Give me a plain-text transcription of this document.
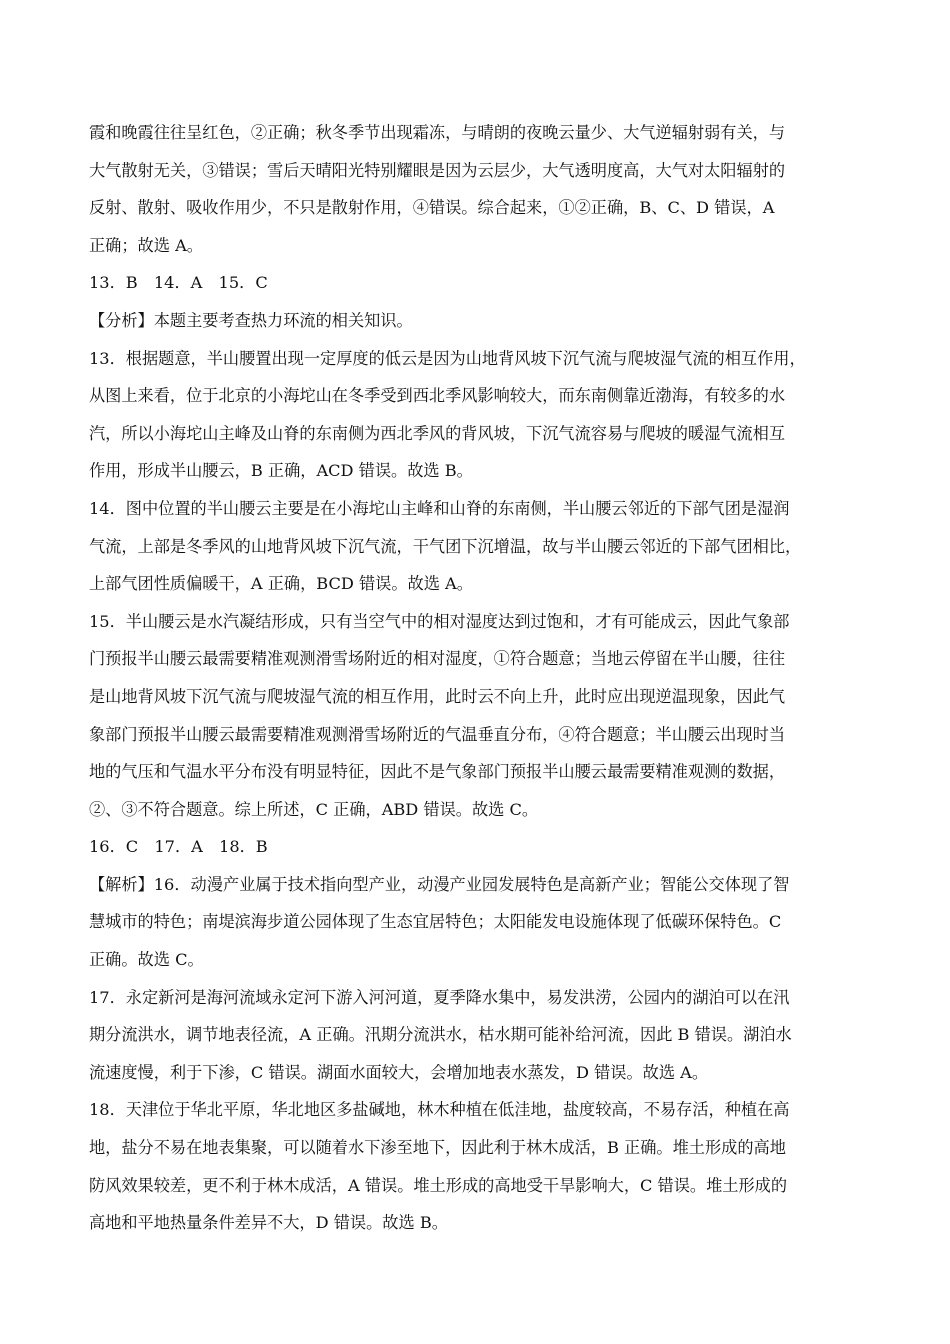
霞和晚霞往往呈红色，②正确；秋冬季节出现霜冻，与晴朗的夜晚云量少、大气逆辐射弱有关，与
大气散射无关，③错误；雪后天晴阳光特别耀眼是因为云层少，大气透明度高，大气对太阳辐射的
反射、散射、吸收作用少，不只是散射作用，④错误。综合起来，①②正确，B、C、D 错误，A
正确；故选 A。
13．B　14．A　15．C
【分析】本题主要考查热力环流的相关知识。
13．根据题意，半山腰置出现一定厚度的低云是因为山地背风坡下沉气流与爬坡湿气流的相互作用，
从图上来看，位于北京的小海坨山在冬季受到西北季风影响较大，而东南侧靠近渤海，有较多的水
汽，所以小海坨山主峰及山脊的东南侧为西北季风的背风坡，下沉气流容易与爬坡的暖湿气流相互
作用，形成半山腰云，B 正确，ACD 错误。故选 B。
14．图中位置的半山腰云主要是在小海坨山主峰和山脊的东南侧，半山腰云邻近的下部气团是湿润
气流，上部是冬季风的山地背风坡下沉气流，干气团下沉增温，故与半山腰云邻近的下部气团相比，
上部气团性质偏暖干，A 正确，BCD 错误。故选 A。
15．半山腰云是水汽凝结形成，只有当空气中的相对湿度达到过饱和，才有可能成云，因此气象部
门预报半山腰云最需要精准观测滑雪场附近的相对湿度，①符合题意；当地云停留在半山腰，往往
是山地背风坡下沉气流与爬坡湿气流的相互作用，此时云不向上升，此时应出现逆温现象，因此气
象部门预报半山腰云最需要精准观测滑雪场附近的气温垂直分布，④符合题意；半山腰云出现时当
地的气压和气温水平分布没有明显特征，因此不是气象部门预报半山腰云最需要精准观测的数据，
②、③不符合题意。综上所述，C 正确，ABD 错误。故选 C。
16．C　17．A　18．B
【解析】16．动漫产业属于技术指向型产业，动漫产业园发展特色是高新产业；智能公交体现了智
慧城市的特色；南堤滨海步道公园体现了生态宜居特色；太阳能发电设施体现了低碳环保特色。C
正确。故选 C。
17．永定新河是海河流域永定河下游入河河道，夏季降水集中，易发洪涝，公园内的湖泊可以在汛
期分流洪水，调节地表径流，A 正确。汛期分流洪水，枯水期可能补给河流，因此 B 错误。湖泊水
流速度慢，利于下渗，C 错误。湖面水面较大，会增加地表水蒸发，D 错误。故选 A。
18．天津位于华北平原，华北地区多盐碱地，林木种植在低洼地，盐度较高，不易存活，种植在高
地，盐分不易在地表集聚，可以随着水下渗至地下，因此利于林木成活，B 正确。堆土形成的高地
防风效果较差，更不利于林木成活，A 错误。堆土形成的高地受干旱影响大，C 错误。堆土形成的
高地和平地热量条件差异不大，D 错误。故选 B。
